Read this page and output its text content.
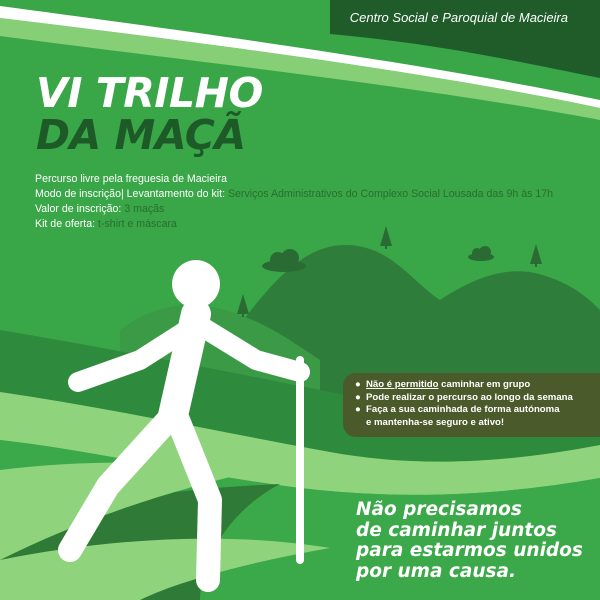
Centro Social e Paroquial de Macieira
VI TRILHO
DA MAÇÃ
Percurso livre pela freguesia de Macieira
Modo de inscrição| Levantamento do kit: Serviços Administrativos do Complexo Social Lousada das 9h às 17h
Valor de inscrição: 3 maçãs
Kit de oferta: t-shirt e máscara
● Não é permitido caminhar em grupo
● Pode realizar o percurso ao longo da semana
● Faça a sua caminhada de forma autónoma
e mantenha-se seguro e ativo!
Não precisamos
de caminhar juntos
para estarmos unidos
por uma causa.
